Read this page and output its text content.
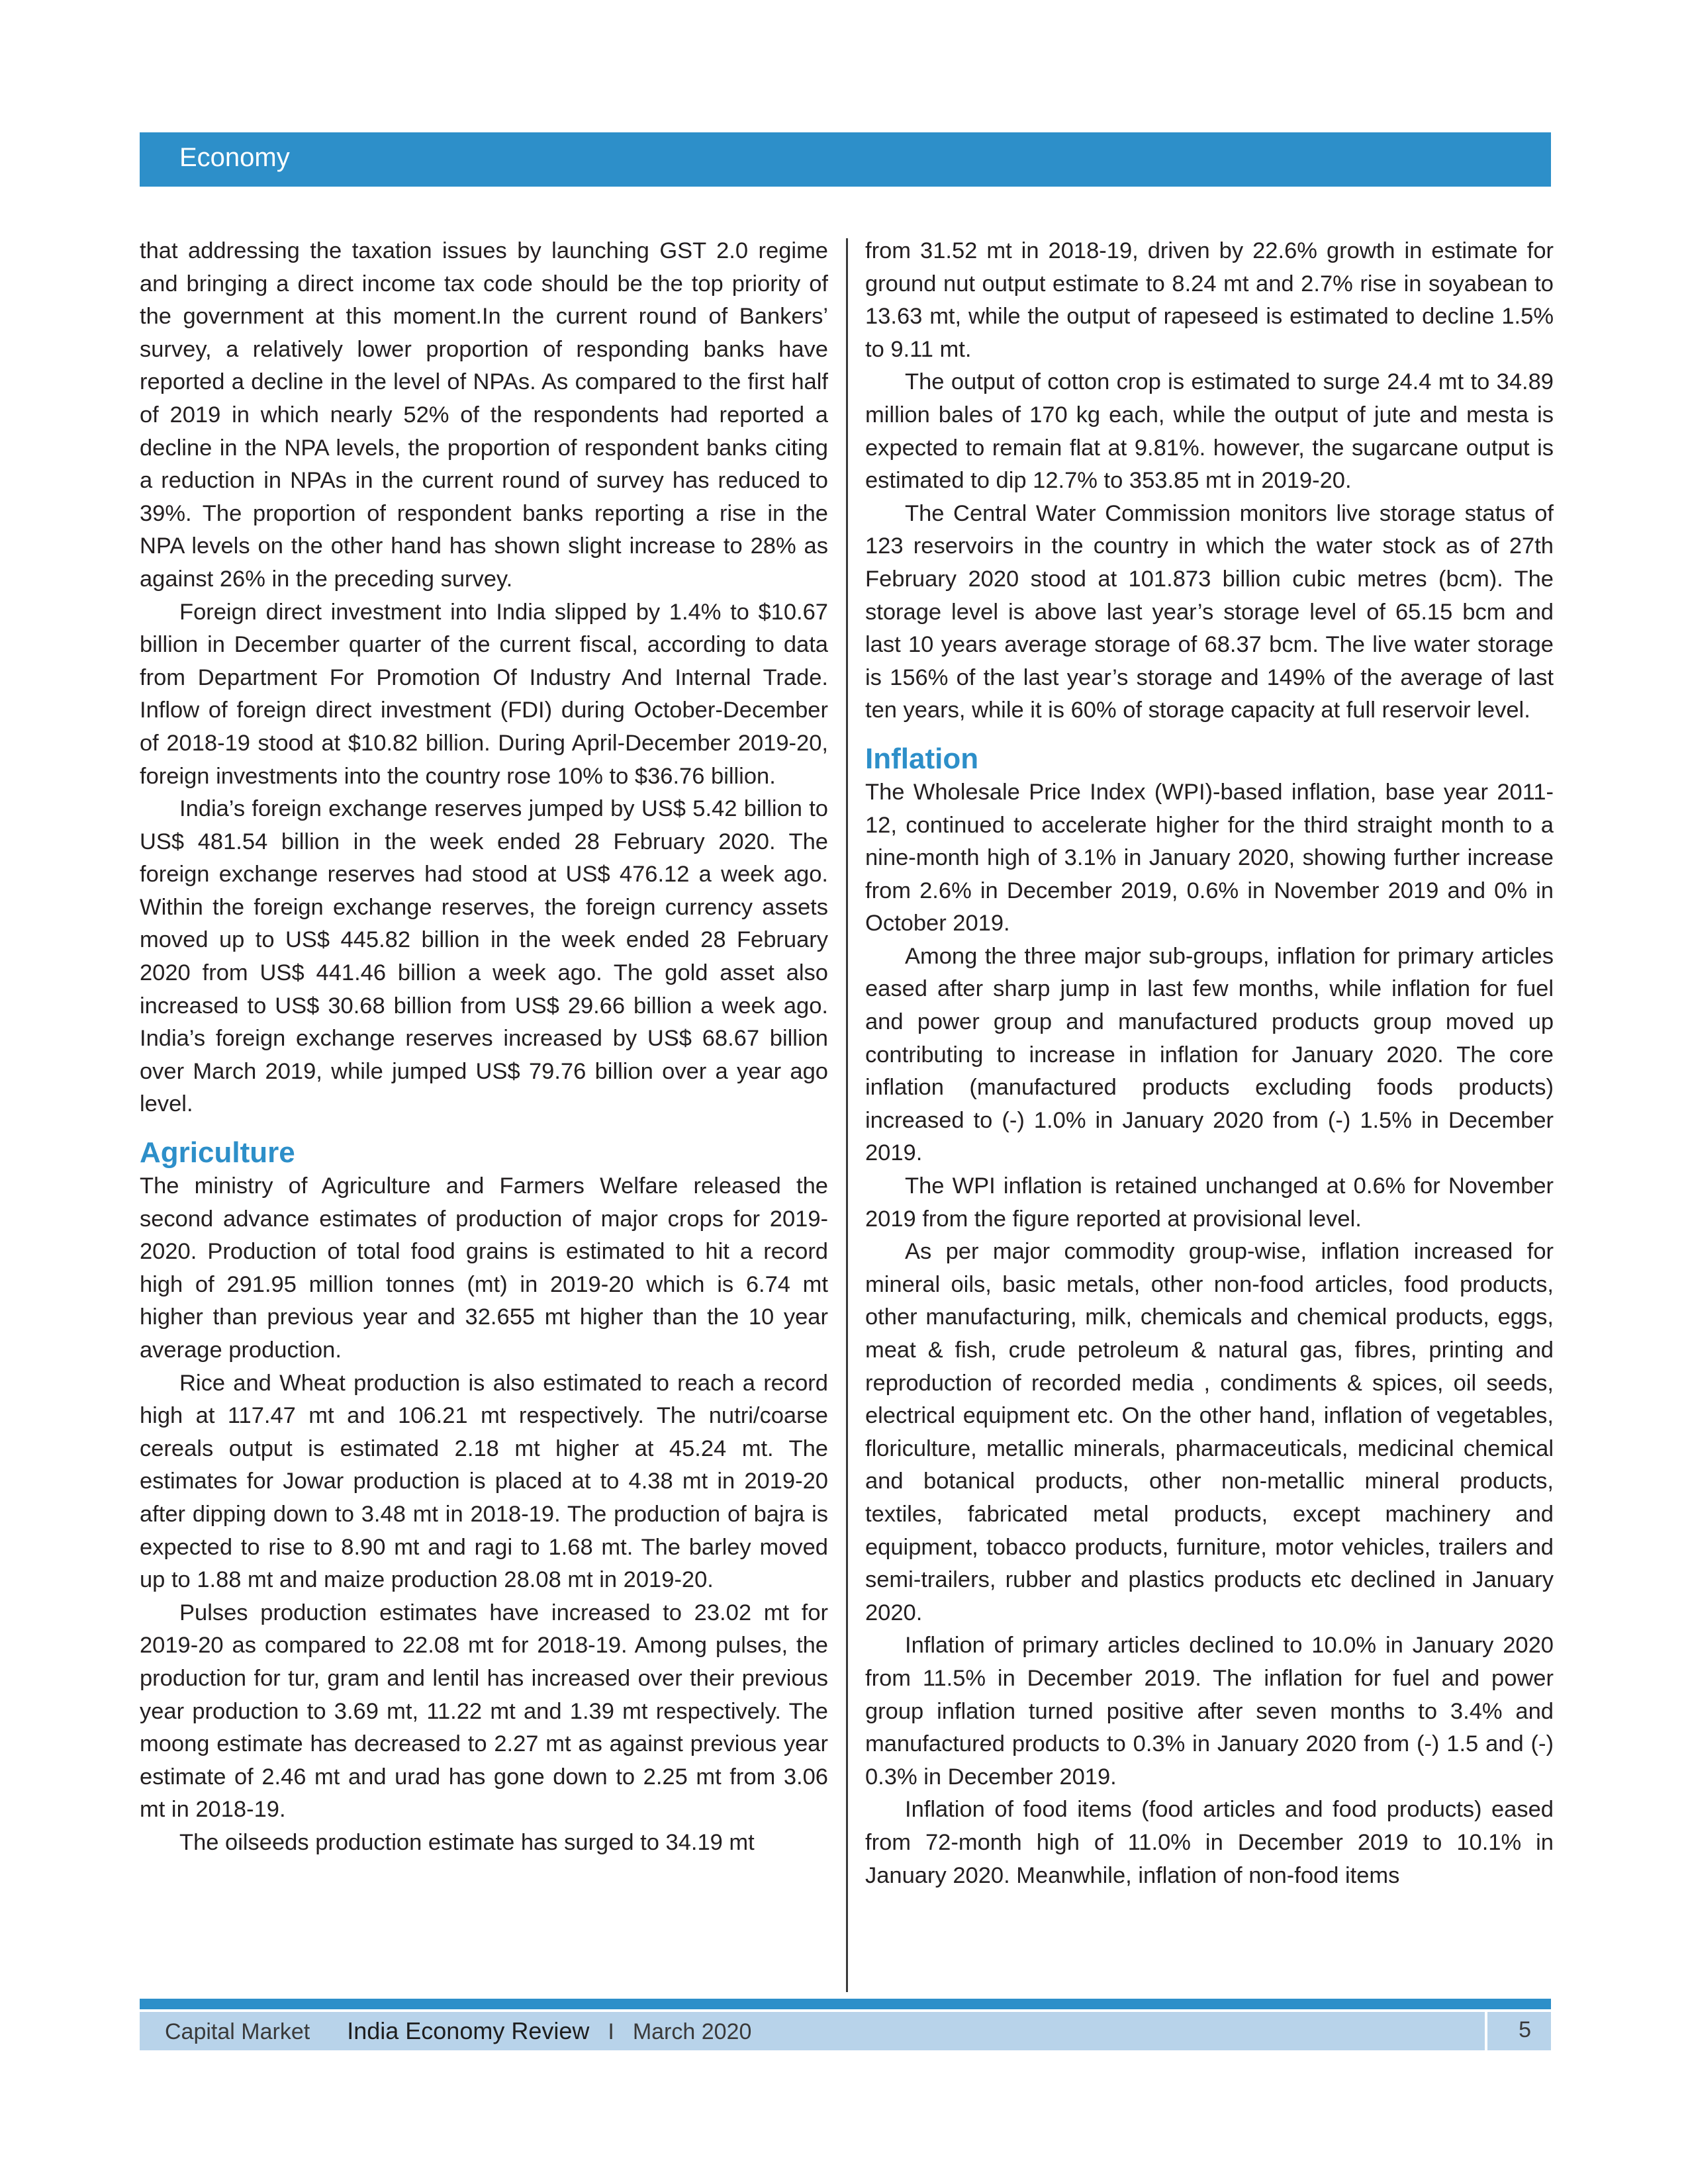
Economy

that addressing the taxation issues by launching GST 2.0 regime and bringing a direct income tax code should be the top priority of the government at this moment.In the current round of Bankers’ survey, a relatively lower proportion of responding banks have reported a decline in the level of NPAs. As compared to the first half of 2019 in which nearly 52% of the respondents had reported a decline in the NPA levels, the proportion of respondent banks citing a reduction in NPAs in the current round of survey has reduced to 39%. The proportion of respondent banks reporting a rise in the NPA levels on the other hand has shown slight increase to 28% as against 26% in the preceding survey.

Foreign direct investment into India slipped by 1.4% to $10.67 billion in December quarter of the current fiscal, according to data from Department For Promotion Of Industry And Internal Trade. Inflow of foreign direct investment (FDI) during October-December of 2018-19 stood at $10.82 billion. During April-December 2019-20, foreign investments into the country rose 10% to $36.76 billion.

India’s foreign exchange reserves jumped by US$ 5.42 billion to US$ 481.54 billion in the week ended 28 February 2020. The foreign exchange reserves had stood at US$ 476.12 a week ago. Within the foreign exchange reserves, the foreign currency assets moved up to US$ 445.82 billion in the week ended 28 February 2020 from US$ 441.46 billion a week ago. The gold asset also increased to US$ 30.68 billion from US$ 29.66 billion a week ago. India’s foreign exchange reserves increased by US$ 68.67 billion over March 2019, while jumped US$ 79.76 billion over a year ago level.

Agriculture

The ministry of Agriculture and Farmers Welfare released the second advance estimates of production of major crops for 2019-2020. Production of total food grains is estimated to hit a record high of 291.95 million tonnes (mt) in 2019-20 which is 6.74 mt higher than previous year and 32.655 mt higher than the 10 year average production.

Rice and Wheat production is also estimated to reach a record high at 117.47 mt and 106.21 mt respectively. The nutri/coarse cereals output is estimated 2.18 mt higher at 45.24 mt. The estimates for Jowar production is placed at to 4.38 mt in 2019-20 after dipping down to 3.48 mt in 2018-19. The production of bajra is expected to rise to 8.90 mt and ragi to 1.68 mt. The barley moved up to 1.88 mt and maize production 28.08 mt in 2019-20.

Pulses production estimates have increased to 23.02 mt for 2019-20 as compared to 22.08 mt for 2018-19. Among pulses, the production for tur, gram and lentil has increased over their previous year production to 3.69 mt, 11.22 mt and 1.39 mt respectively. The moong estimate has decreased to 2.27 mt as against previous year estimate of 2.46 mt and urad has gone down to 2.25 mt from 3.06 mt in 2018-19.

The oilseeds production estimate has surged to 34.19 mt

from 31.52 mt in 2018-19, driven by 22.6% growth in estimate for ground nut output estimate to 8.24 mt and 2.7% rise in soyabean to 13.63 mt, while the output of rapeseed is estimated to decline 1.5% to 9.11 mt.

The output of cotton crop is estimated to surge 24.4 mt to 34.89 million bales of 170 kg each, while the output of jute and mesta is expected to remain flat at 9.81%. however, the sugarcane output is estimated to dip 12.7% to 353.85 mt in 2019-20.

The Central Water Commission monitors live storage status of 123 reservoirs in the country in which the water stock as of 27th February 2020 stood at 101.873 billion cubic metres (bcm). The storage level is above last year’s storage level of 65.15 bcm and last 10 years average storage of 68.37 bcm. The live water storage is 156% of the last year’s storage and 149% of the average of last ten years, while it is 60% of storage capacity at full reservoir level.

Inflation

The Wholesale Price Index (WPI)-based inflation, base year 2011-12, continued to accelerate higher for the third straight month to a nine-month high of 3.1% in January 2020, showing further increase from 2.6% in December 2019, 0.6% in November 2019 and 0% in October 2019.

Among the three major sub-groups, inflation for primary articles eased after sharp jump in last few months, while inflation for fuel and power group and manufactured products group moved up contributing to increase in inflation for January 2020. The core inflation (manufactured products excluding foods products) increased to (-) 1.0% in January 2020 from (-) 1.5% in December 2019.

The WPI inflation is retained unchanged at 0.6% for November 2019 from the figure reported at provisional level.

As per major commodity group-wise, inflation increased for mineral oils, basic metals, other non-food articles, food products, other manufacturing, milk, chemicals and chemical products, eggs, meat & fish, crude petroleum & natural gas, fibres, printing and reproduction of recorded media , condiments & spices, oil seeds, electrical equipment etc. On the other hand, inflation of vegetables, floriculture, metallic minerals, pharmaceuticals, medicinal chemical and botanical products, other non-metallic mineral products, textiles, fabricated metal products, except machinery and equipment, tobacco products, furniture, motor vehicles, trailers and semi-trailers, rubber and plastics products etc declined in January 2020.

Inflation of primary articles declined to 10.0% in January 2020 from 11.5% in December 2019. The inflation for fuel and power group inflation turned positive after seven months to 3.4% and manufactured products to 0.3% in January 2020 from (-) 1.5 and (-) 0.3% in December 2019.

Inflation of food items (food articles and food products) eased from 72-month high of 11.0% in December 2019 to 10.1% in January 2020. Meanwhile, inflation of non-food items

Capital Market India Economy Review I March 2020	5
